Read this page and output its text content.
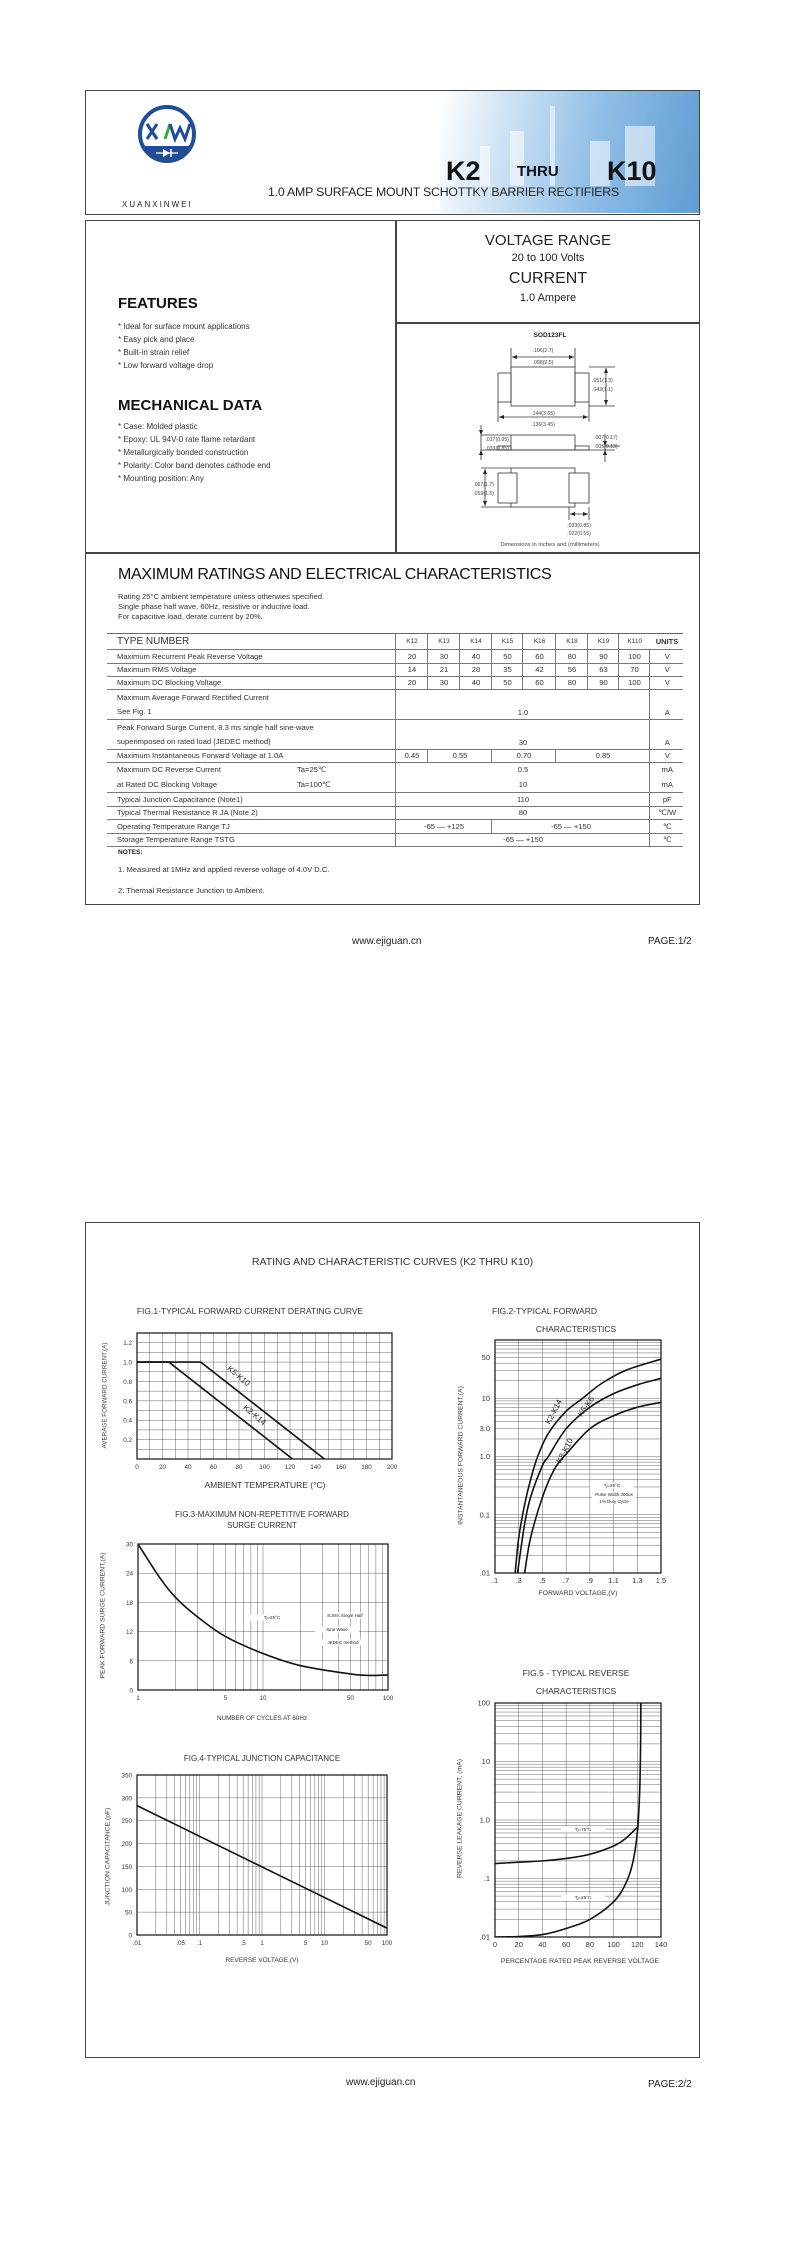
XUANXINWEI
K2 THRU K10
1.0 AMP SURFACE MOUNT SCHOTTKY BARRIER RECTIFIERS
VOLTAGE RANGE
20 to 100 Volts
CURRENT
1.0 Ampere
FEATURES
* Ideal for surface mount applications
* Easy pick and place
* Built-in strain relief
* Low forward voltage drop
MECHANICAL DATA
* Case: Molded plastic
* Epoxy: UL 94V-0 rate flame retardant
* Metallurgically bonded construction
* Polarity: Color band denotes cathode end
* Mounting position: Any
SOD123FL
.106(2.7)
.098(2.5)
.051(1.3)
.043(1.1)
.144(3.65)
.136(3.45)
.037(0.95)
.033(0.85)
.007(0.17)
.005(0.13)
.067(1.7)
.059(1.5)
.033(0.85)
.022(0.55)
Dimensions in inches and (millimeters)
MAXIMUM RATINGS AND ELECTRICAL CHARACTERISTICS
Rating 25°C ambient temperature uniess otherwies specified.
Single phase half wave, 60Hz, resistive or inductive load.
For capacitive load, derate current by 20%.
TYPE NUMBER	K12	K13	K14	K15	K16	K18	K19	K110	UNITS
Maximum Recurrent Peak Reverse Voltage	20	30	40	50	60	80	90	100	V
Maximum RMS Voltage	14	21	28	35	42	56	63	70	V
Maximum DC Blocking Voltage	20	30	40	50	60	80	90	100	V

Maximum Average Forward Rectified Current
See Fig. 1	1.0								A

Peak Forward Surge Current, 8.3 ms single half sine-wave
superimposed on rated load (JEDEC method)	30								A
Maximum Instantaneous Forward Voltage at 1.0A	0.45	0.55		0.70		0.85			V
Maximum DC Reverse Current Ta=25℃	0.5								mA
at Rated DC Blocking Voltage Ta=100℃	10								mA
Typical Junction Capacitance (Note1)	110								pF
Typical Thermal Resistance R JA (Note 2)	80								℃/W
Operating Temperature Range TJ	-65 — +125			-65 — +150					℃
Storage Temperature Range TSTG	-65 — +150								℃
NOTES:
1. Measured at 1MHz and applied reverse voltage of 4.0V D.C.
2. Thermal Resistance Junction to Ambient.
www.ejiguan.cn	PAGE:1/2
RATING AND CHARACTERISTIC CURVES (K2 THRU K10)
FIG.1-TYPICAL FORWARD CURRENT DERATING CURVE
AMBIENT TEMPERATURE (°C)
AVERAGE FORWARD CURRENT,(A)
FIG.2-TYPICAL FORWARD
CHARACTERISTICS
FORWARD VOLTAGE,(V)
INSTANTANEOUS FORWARD CURRENT,(A)
FIG.3-MAXIMUM NON-REPETITIVE FORWARD
SURGE CURRENT
NUMBER OF CYCLES AT 60Hz
PEAK FORWARD SURGE CURRENT,(A)
FIG.4-TYPICAL JUNCTION CAPACITANCE
REVERSE VOLTAGE,(V)
JUNCTION CAPACITANCE,(pF)
FIG.5 - TYPICAL REVERSE
CHARACTERISTICS
PERCENTAGE RATED PEAK REVERSE VOLTAGE
REVERSE LEAKAGE CURRENT, (mA)
0	20	40	60	80	100 120 140 160 180 200
0.2
0.4
0.6
0.8
1.0
1.2
K5-K10
K2-K14
.1 .3 .5 .7 .9 1.1 1.3 1.5
.01
0.1
1.0
3.0
10
50
K2-K14 K5-K6
K8-K10
Tj=25°C
Pulse Width 300us
1% Duty Cycle
1	5	10	50	100
0
6
12
18
24
30
Tj=25°C	8.3ms Single Half
Sine Wave
JEDEC method
.01	.05 .1	.5 1	5 10	50 100
0
50
100
150
200
250
300
350
0 20 40 60 80 100 120 140
.01
.1
1.0
10
100
Tj=75°C
Tj=25°C
www.ejiguan.cn	PAGE:2/2
